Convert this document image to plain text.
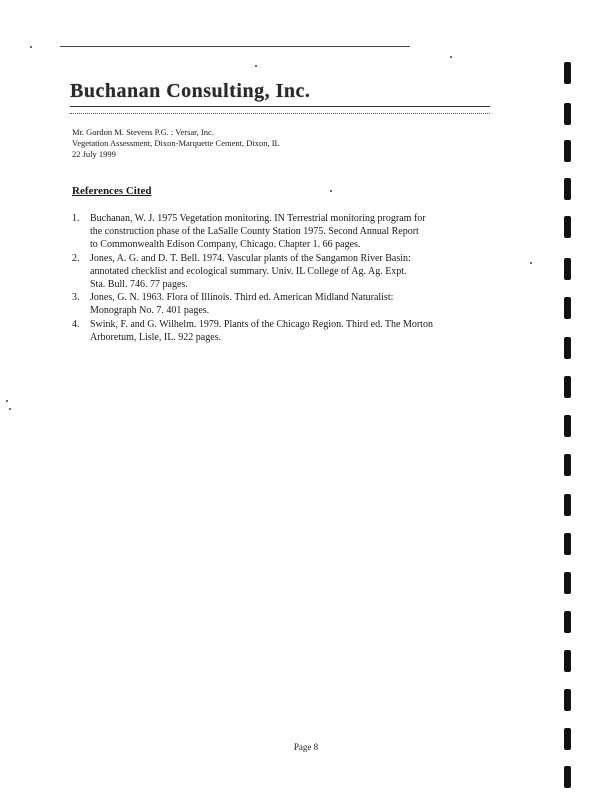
Buchanan Consulting, Inc.
Mr. Gordon M. Stevens P.G. : Versar, Inc.
Vegetation Assessment, Dixon-Marquette Cement, Dixon, IL
22 July 1999
References Cited
1. Buchanan, W. J. 1975 Vegetation monitoring. IN Terrestrial monitoring program for
the construction phase of the LaSalle County Station 1975. Second Annual Report
to Commonwealth Edison Company, Chicago. Chapter 1. 66 pages.
2. Jones, A. G. and D. T. Bell. 1974. Vascular plants of the Sangamon River Basin:
annotated checklist and ecological summary. Univ. IL College of Ag. Ag. Expt.
Sta. Bull. 746. 77 pages.
3. Jones, G. N. 1963. Flora of Illinois. Third ed. American Midland Naturalist:
Monograph No. 7. 401 pages.
4. Swink, F. and G. Wilhelm. 1979. Plants of the Chicago Region. Third ed. The Morton
Arboretum, Lisle, IL. 922 pages.
Page 8
